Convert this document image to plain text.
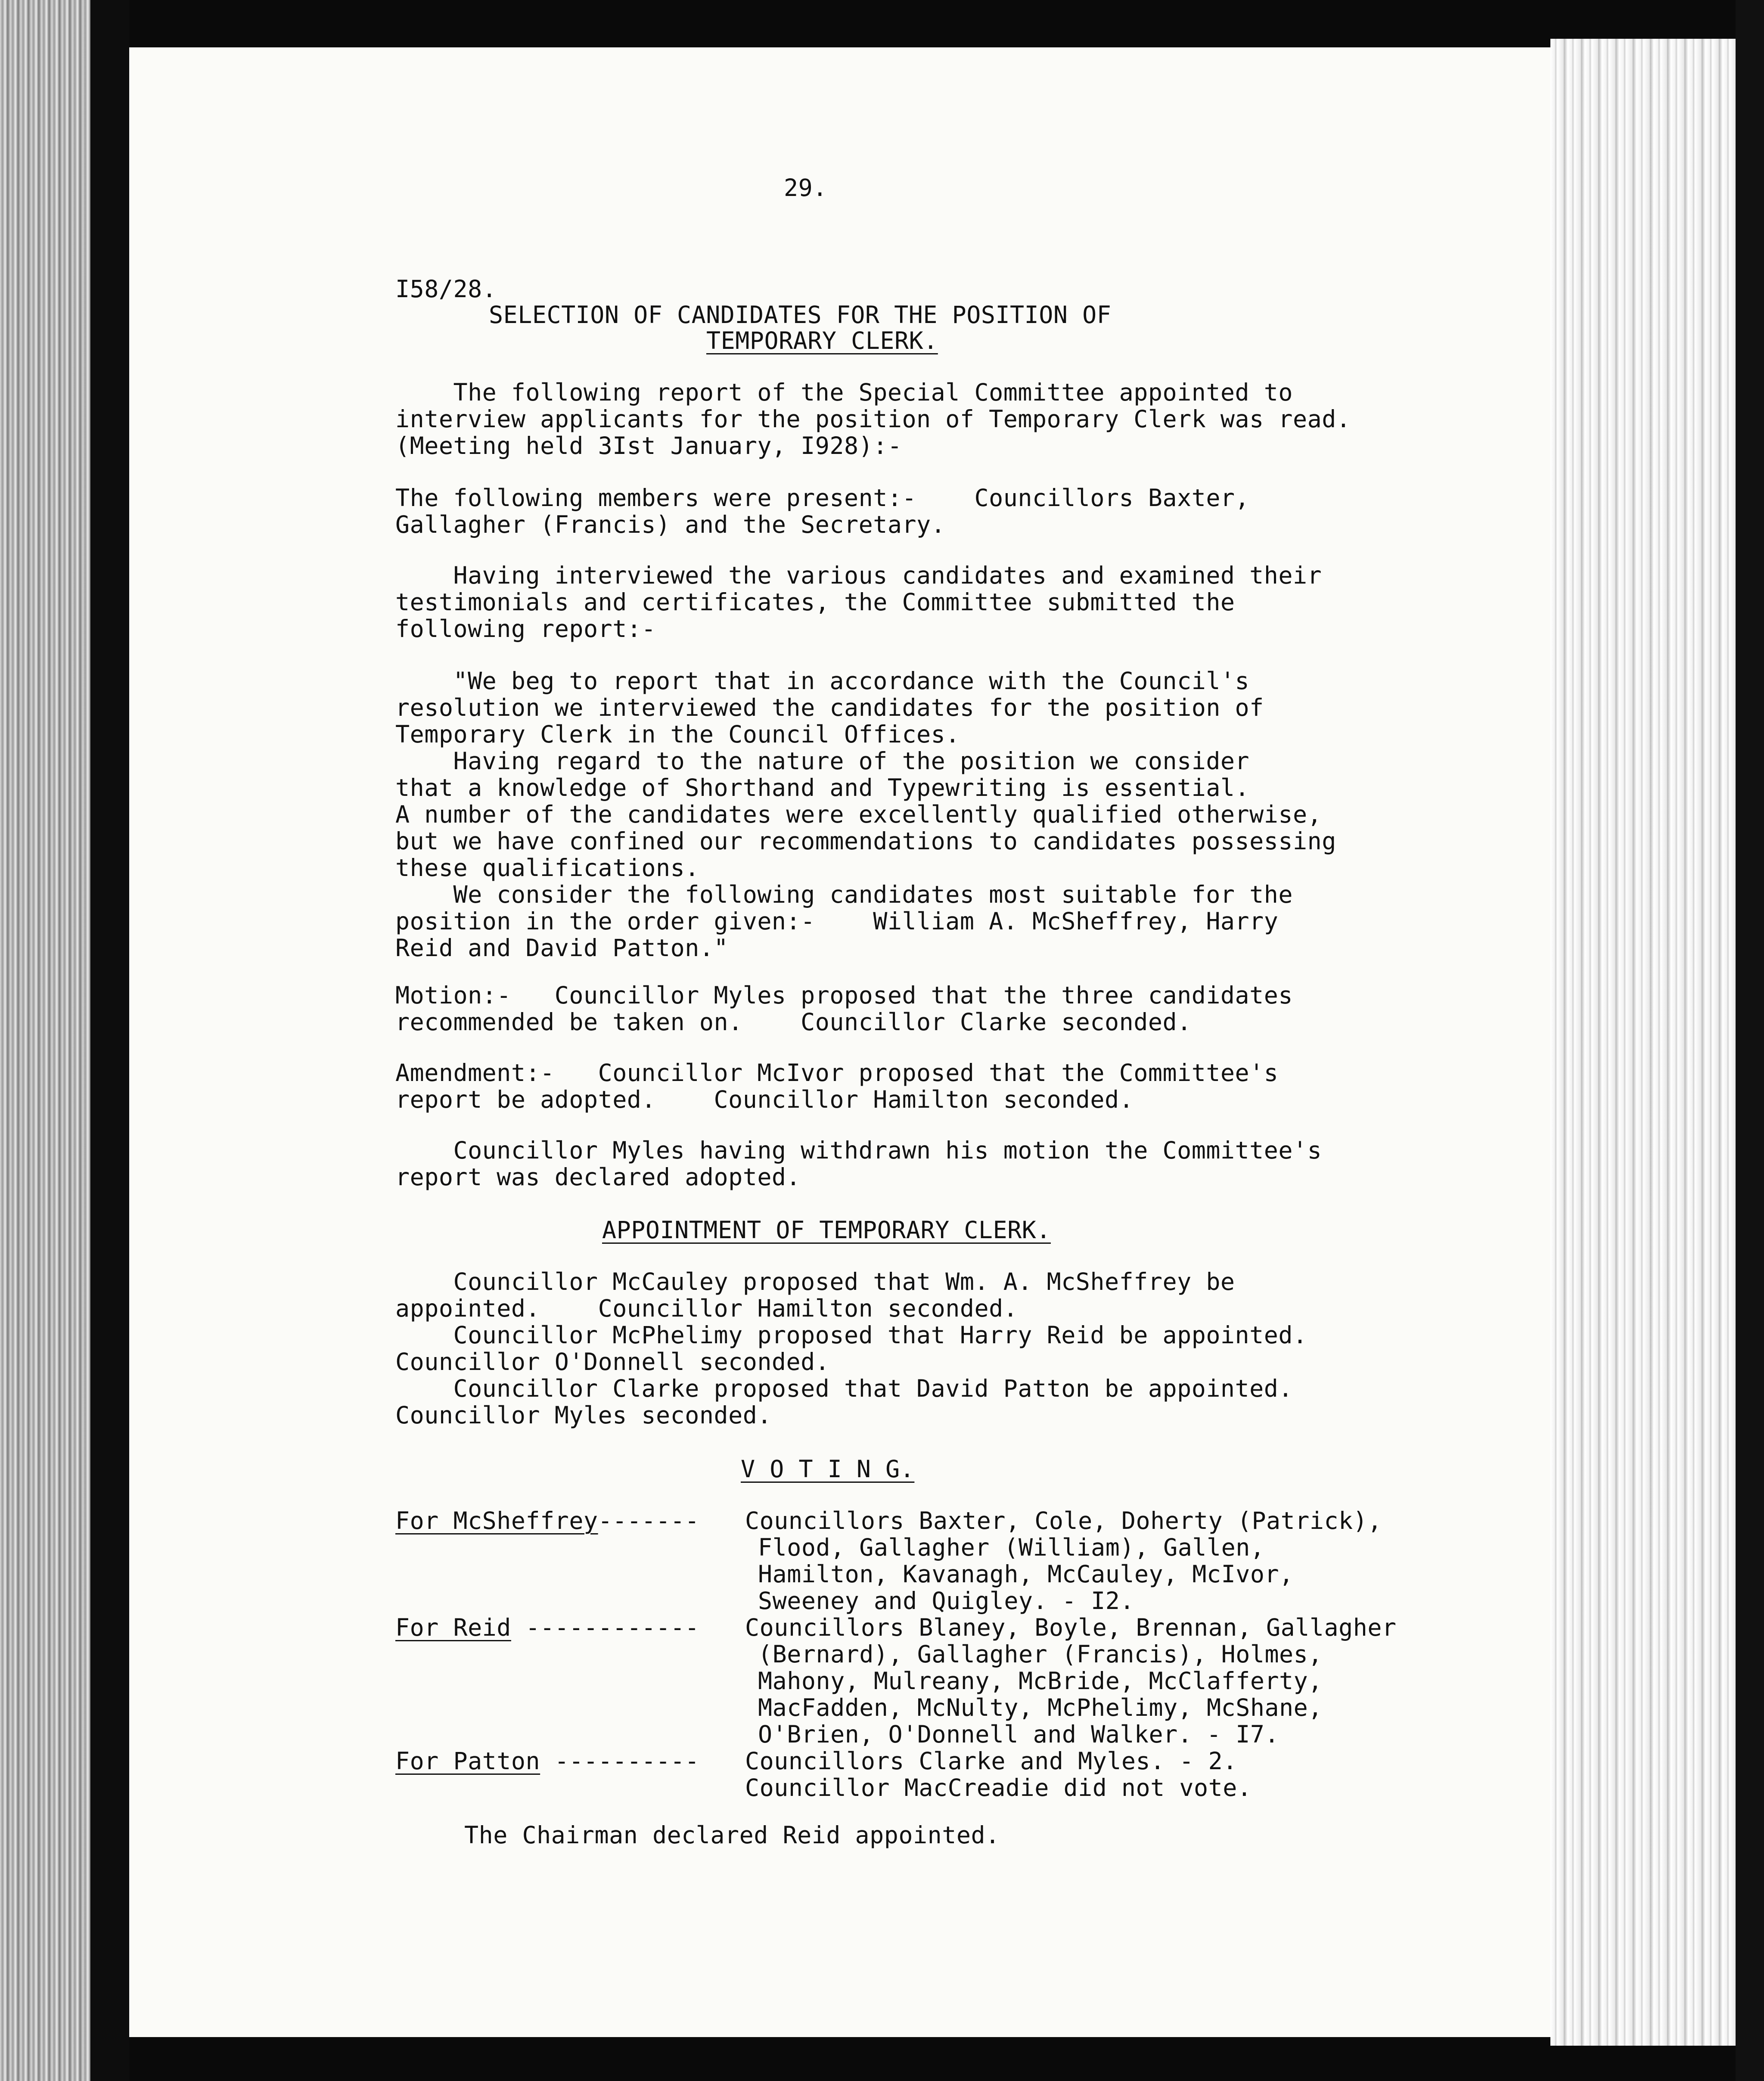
29.
I58/28.
SELECTION OF CANDIDATES FOR THE POSITION OF
TEMPORARY CLERK.
The following report of the Special Committee appointed to
interview applicants for the position of Temporary Clerk was read.
(Meeting held 3Ist January, I928):-
The following members were present:-    Councillors Baxter,
Gallagher (Francis) and the Secretary.
Having interviewed the various candidates and examined their
testimonials and certificates, the Committee submitted the
following report:-
"We beg to report that in accordance with the Council's
resolution we interviewed the candidates for the position of
Temporary Clerk in the Council Offices.
Having regard to the nature of the position we consider
that a knowledge of Shorthand and Typewriting is essential.
A number of the candidates were excellently qualified otherwise,
but we have confined our recommendations to candidates possessing
these qualifications.
We consider the following candidates most suitable for the
position in the order given:-    William A. McSheffrey, Harry
Reid and David Patton."
Motion:-   Councillor Myles proposed that the three candidates
recommended be taken on.    Councillor Clarke seconded.
Amendment:-   Councillor McIvor proposed that the Committee's
report be adopted.    Councillor Hamilton seconded.
Councillor Myles having withdrawn his motion the Committee's
report was declared adopted.
APPOINTMENT OF TEMPORARY CLERK.
Councillor McCauley proposed that Wm. A. McSheffrey be
appointed.    Councillor Hamilton seconded.
Councillor McPhelimy proposed that Harry Reid be appointed.
Councillor O'Donnell seconded.
Councillor Clarke proposed that David Patton be appointed.
Councillor Myles seconded.
V O T I N G.
For McSheffrey------- Councillors Baxter, Cole, Doherty (Patrick),
Flood, Gallagher (William), Gallen,
Hamilton, Kavanagh, McCauley, McIvor,
Sweeney and Quigley. - I2.
For Reid ------------ Councillors Blaney, Boyle, Brennan, Gallagher
(Bernard), Gallagher (Francis), Holmes,
Mahony, Mulreany, McBride, McClafferty,
MacFadden, McNulty, McPhelimy, McShane,
O'Brien, O'Donnell and Walker. - I7.
For Patton ---------- Councillors Clarke and Myles. - 2.
Councillor MacCreadie did not vote.
The Chairman declared Reid appointed.
